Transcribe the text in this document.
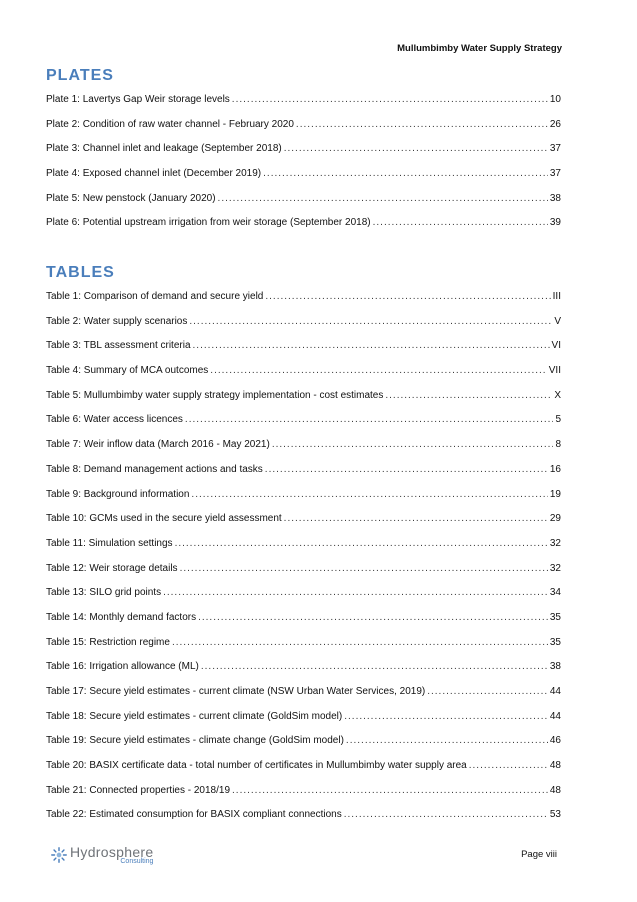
Mullumbimby Water Supply Strategy
PLATES
Plate 1: Lavertys Gap Weir storage levels .....	10
Plate 2: Condition of raw water channel - February 2020 .....	26
Plate 3: Channel inlet and leakage (September 2018) .....	37
Plate 4: Exposed channel inlet (December 2019) .....	37
Plate 5: New penstock (January 2020) .....	38
Plate 6: Potential upstream irrigation from weir storage (September 2018) .....	39
TABLES
Table 1: Comparison of demand and secure yield .....	III
Table 2: Water supply scenarios .....	V
Table 3: TBL assessment criteria .....	VI
Table 4: Summary of MCA outcomes .....	VII
Table 5: Mullumbimby water supply strategy implementation - cost estimates .....	X
Table 6: Water access licences .....	5
Table 7: Weir inflow data (March 2016 - May 2021) .....	8
Table 8: Demand management actions and tasks .....	16
Table 9: Background information .....	19
Table 10: GCMs used in the secure yield assessment .....	29
Table 11: Simulation settings .....	32
Table 12: Weir storage details .....	32
Table 13: SILO grid points .....	34
Table 14: Monthly demand factors .....	35
Table 15: Restriction regime .....	35
Table 16: Irrigation allowance (ML) .....	38
Table 17: Secure yield estimates - current climate (NSW Urban Water Services, 2019) .....	44
Table 18: Secure yield estimates - current climate (GoldSim model) .....	44
Table 19: Secure yield estimates - climate change (GoldSim model) .....	46
Table 20: BASIX certificate data - total number of certificates in Mullumbimby water supply area .....	48
Table 21: Connected properties - 2018/19 .....	48
Table 22: Estimated consumption for BASIX compliant connections .....	53
Hydrosphere
Consulting
Page viii
